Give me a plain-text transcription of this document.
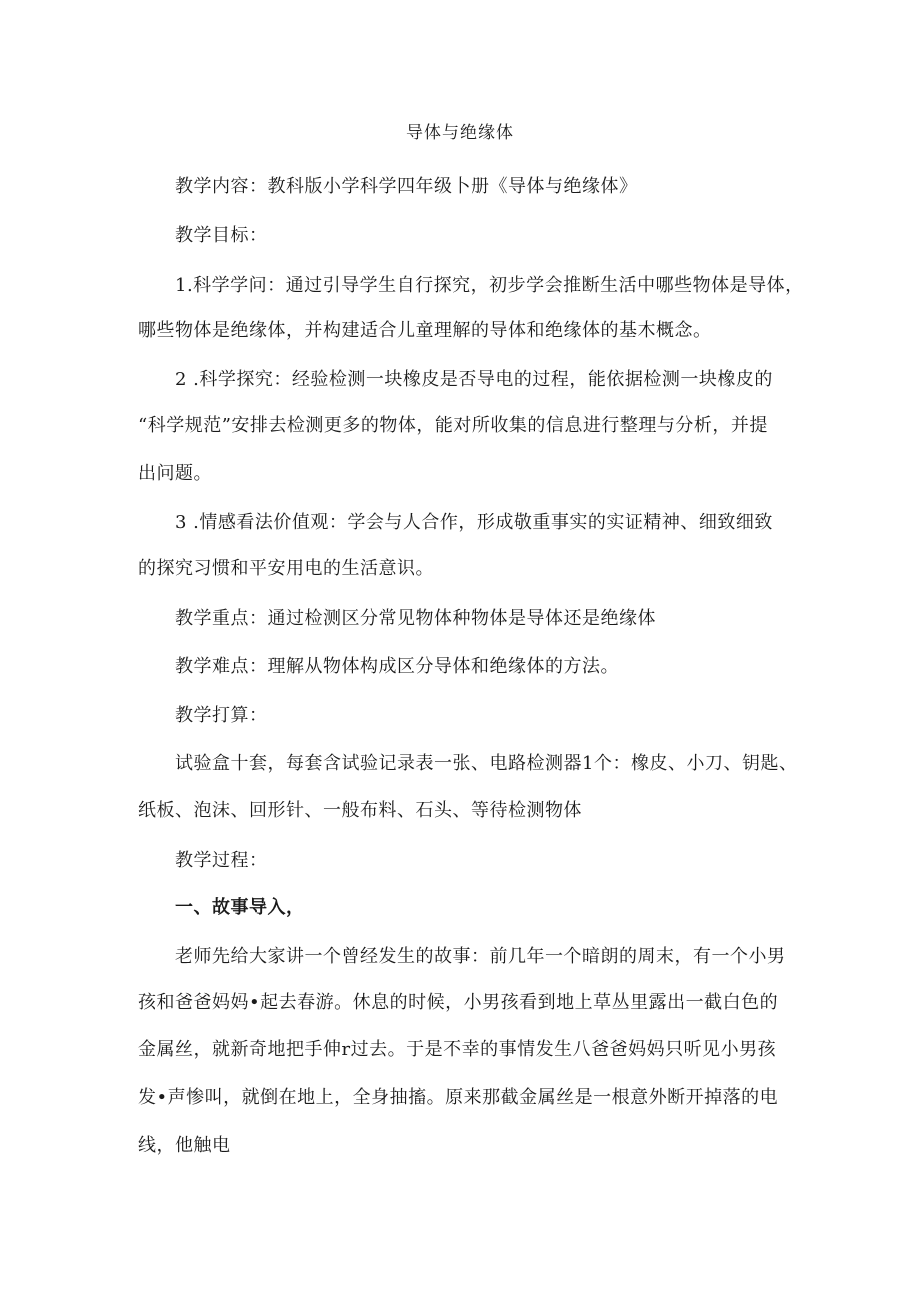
导体与绝缘体
教学内容：教科版小学科学四年级卜册《导体与绝缘体》
教学目标：
1.科学学问：通过引导学生自行探究，初步学会推断生活中哪些物体是导体，
哪些物体是绝缘体，并构建适合儿童理解的导体和绝缘体的基木概念。
2 .科学探究：经验检测一块橡皮是否导电的过程，能依据检测一块橡皮的
“科学规范”安排去检测更多的物体，能对所收集的信息进行整理与分析，并提
出问题。
3 .情感看法价值观：学会与人合作，形成敬重事实的实证精神、细致细致
的探究习惯和平安用电的生活意识。
教学重点：通过检测区分常见物体种物体是导体还是绝缘体
教学难点：理解从物体构成区分导体和绝缘体的方法。
教学打算：
试验盒十套，每套含试验记录表一张、电路检测器1个：橡皮、小刀、钥匙、
纸板、泡沫、回形针、一般布料、石头、等待检测物体
教学过程：
一、故事导入，
老师先给大家讲一个曾经发生的故事：前几年一个暗朗的周末，有一个小男
孩和爸爸妈妈•起去春游。休息的时候，小男孩看到地上草丛里露出一截白色的
金属丝，就新奇地把手伸r过去。于是不幸的事情发生八爸爸妈妈只听见小男孩
发•声惨叫，就倒在地上，全身抽搐。原来那截金属丝是一根意外断开掉落的电
线，他触电
